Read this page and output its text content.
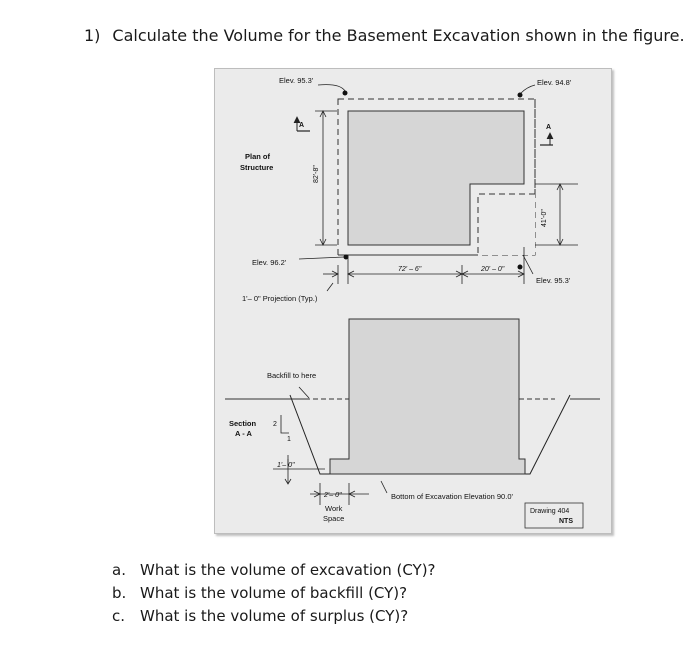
1) Calculate the Volume for the Basement Excavation shown in the figure.
Elev. 95.3'	Elev. 94.8'
Elev. 96.2'
Elev. 95.3'
A	A
Plan of
Structure	82'-8"
41'-0"
72' – 6"	20' – 0"
1'– 0" Projection (Typ.)
Backfill to here
Section
A - A
2
1
1'– 0"
2'– 0"
Work
Space
Bottom of Excavation Elevation 90.0'
Drawing 404
NTS
a. What is the volume of excavation (CY)?
b. What is the volume of backfill (CY)?
c. What is the volume of surplus (CY)?
